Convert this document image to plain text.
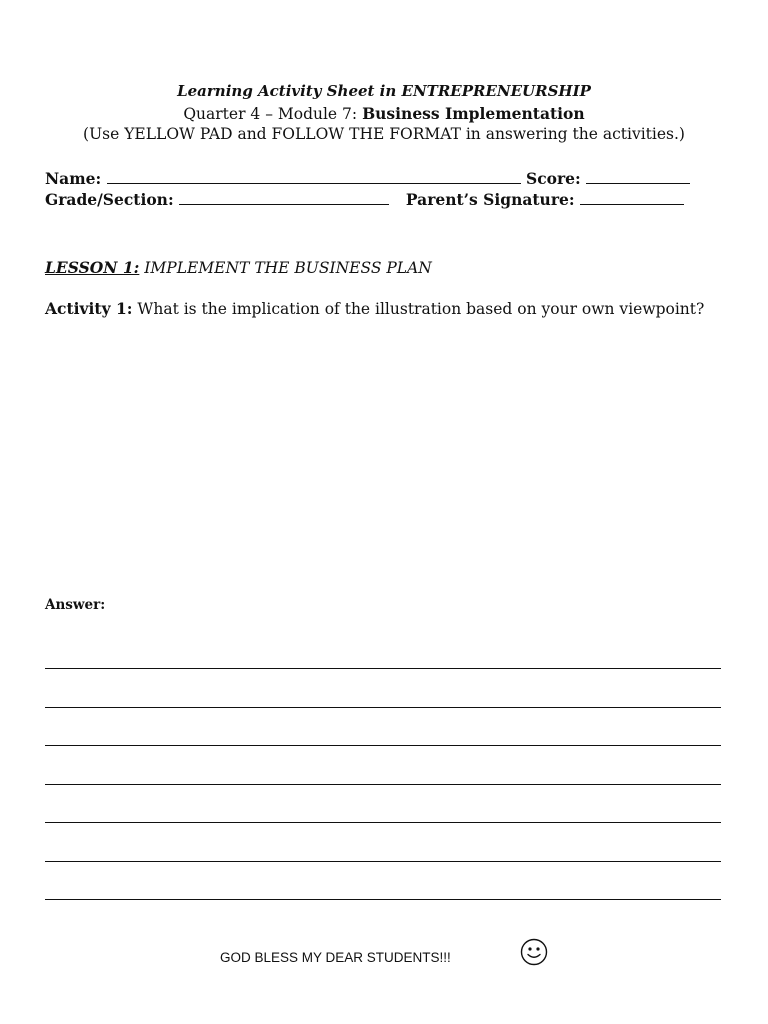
Learning Activity Sheet in ENTREPRENEURSHIP
Quarter 4 – Module 7: Business Implementation
(Use YELLOW PAD and FOLLOW THE FORMAT in answering the activities.)
Name:	Score:
Grade/Section:	Parent’s Signature:
LESSON 1: IMPLEMENT THE BUSINESS PLAN
Activity 1: What is the implication of the illustration based on your own viewpoint?
Answer:
GOD BLESS MY DEAR STUDENTS!!!
